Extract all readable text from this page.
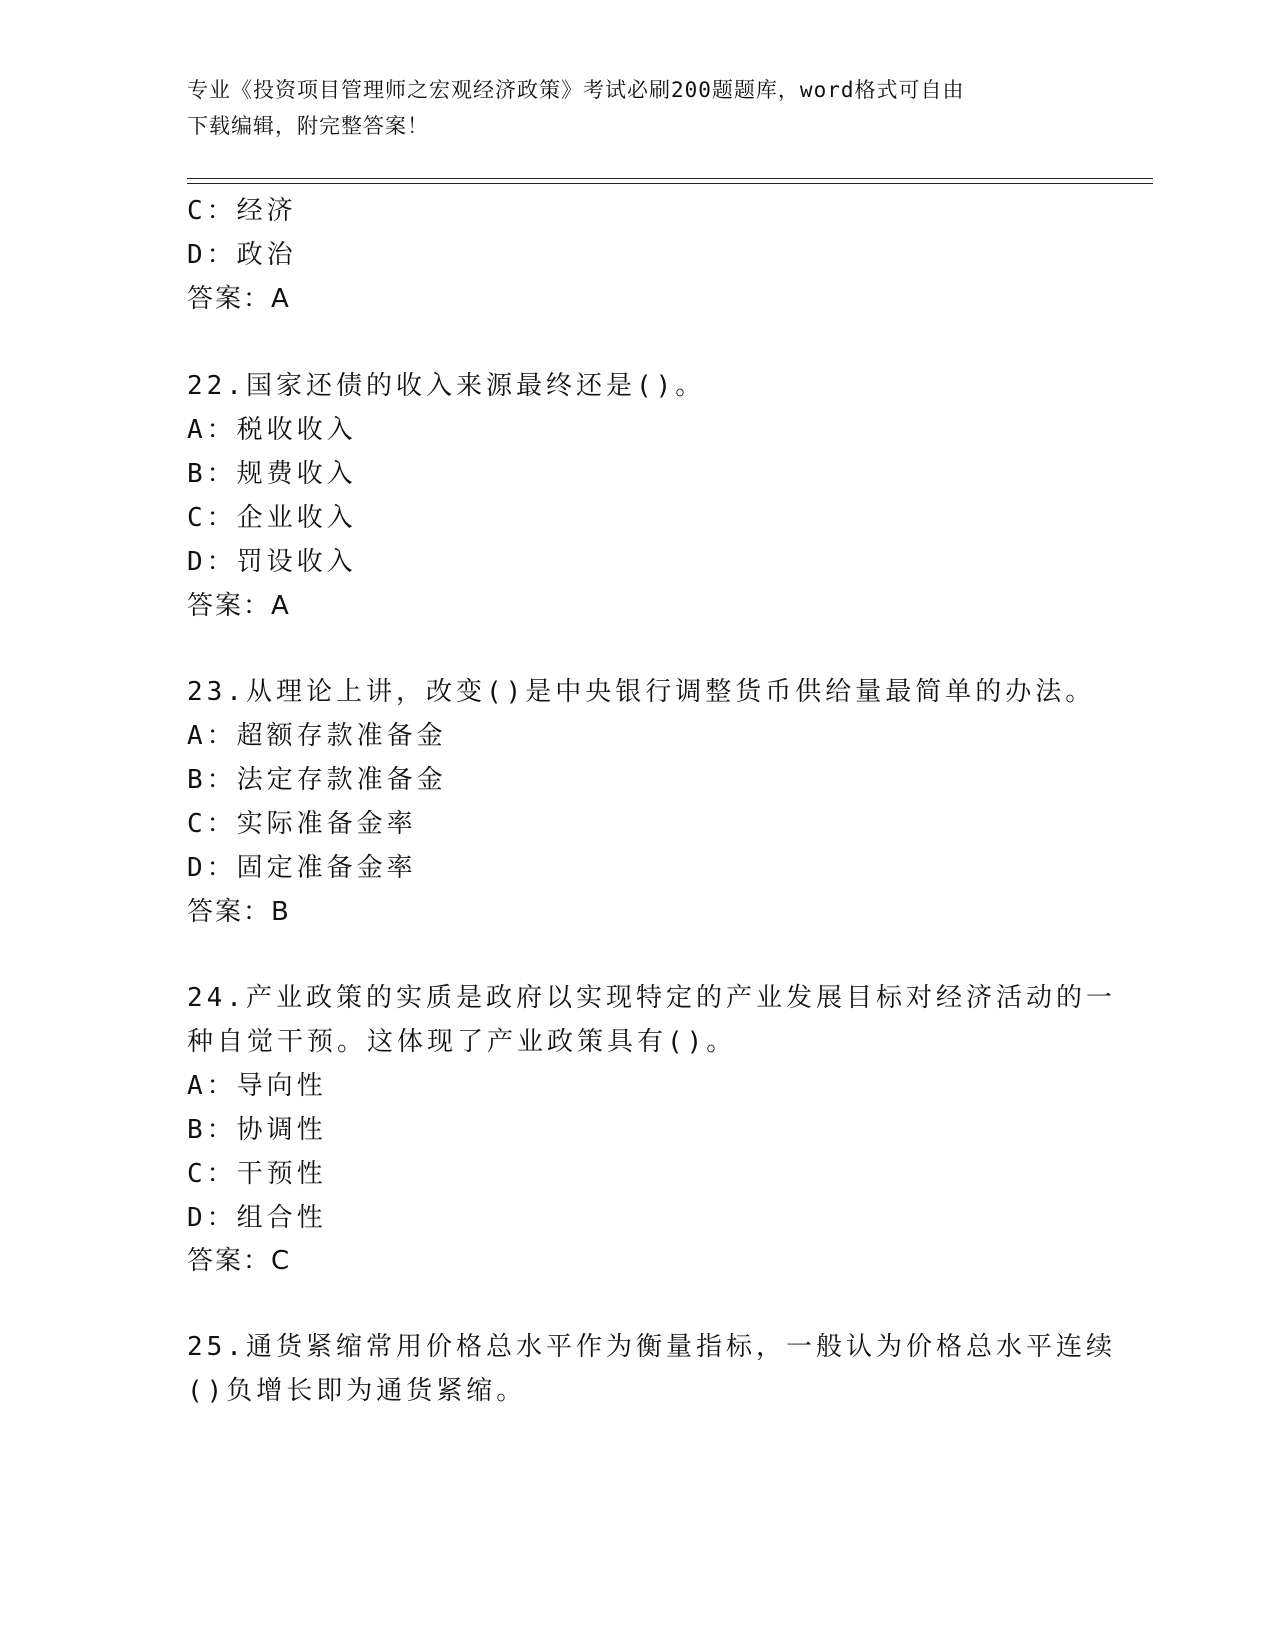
专业《投资项目管理师之宏观经济政策》考试必刷200题题库，word格式可自由
下载编辑，附完整答案！
C：经济
D：政治
答案：A
22.国家还债的收入来源最终还是()。
A：税收收入
B：规费收入
C：企业收入
D：罚设收入
答案：A
23.从理论上讲，改变()是中央银行调整货币供给量最简单的办法。
A：超额存款准备金
B：法定存款准备金
C：实际准备金率
D：固定准备金率
答案：B
24.产业政策的实质是政府以实现特定的产业发展目标对经济活动的一
种自觉干预。这体现了产业政策具有()。
A：导向性
B：协调性
C：干预性
D：组合性
答案：C
25.通货紧缩常用价格总水平作为衡量指标，一般认为价格总水平连续
()负增长即为通货紧缩。
